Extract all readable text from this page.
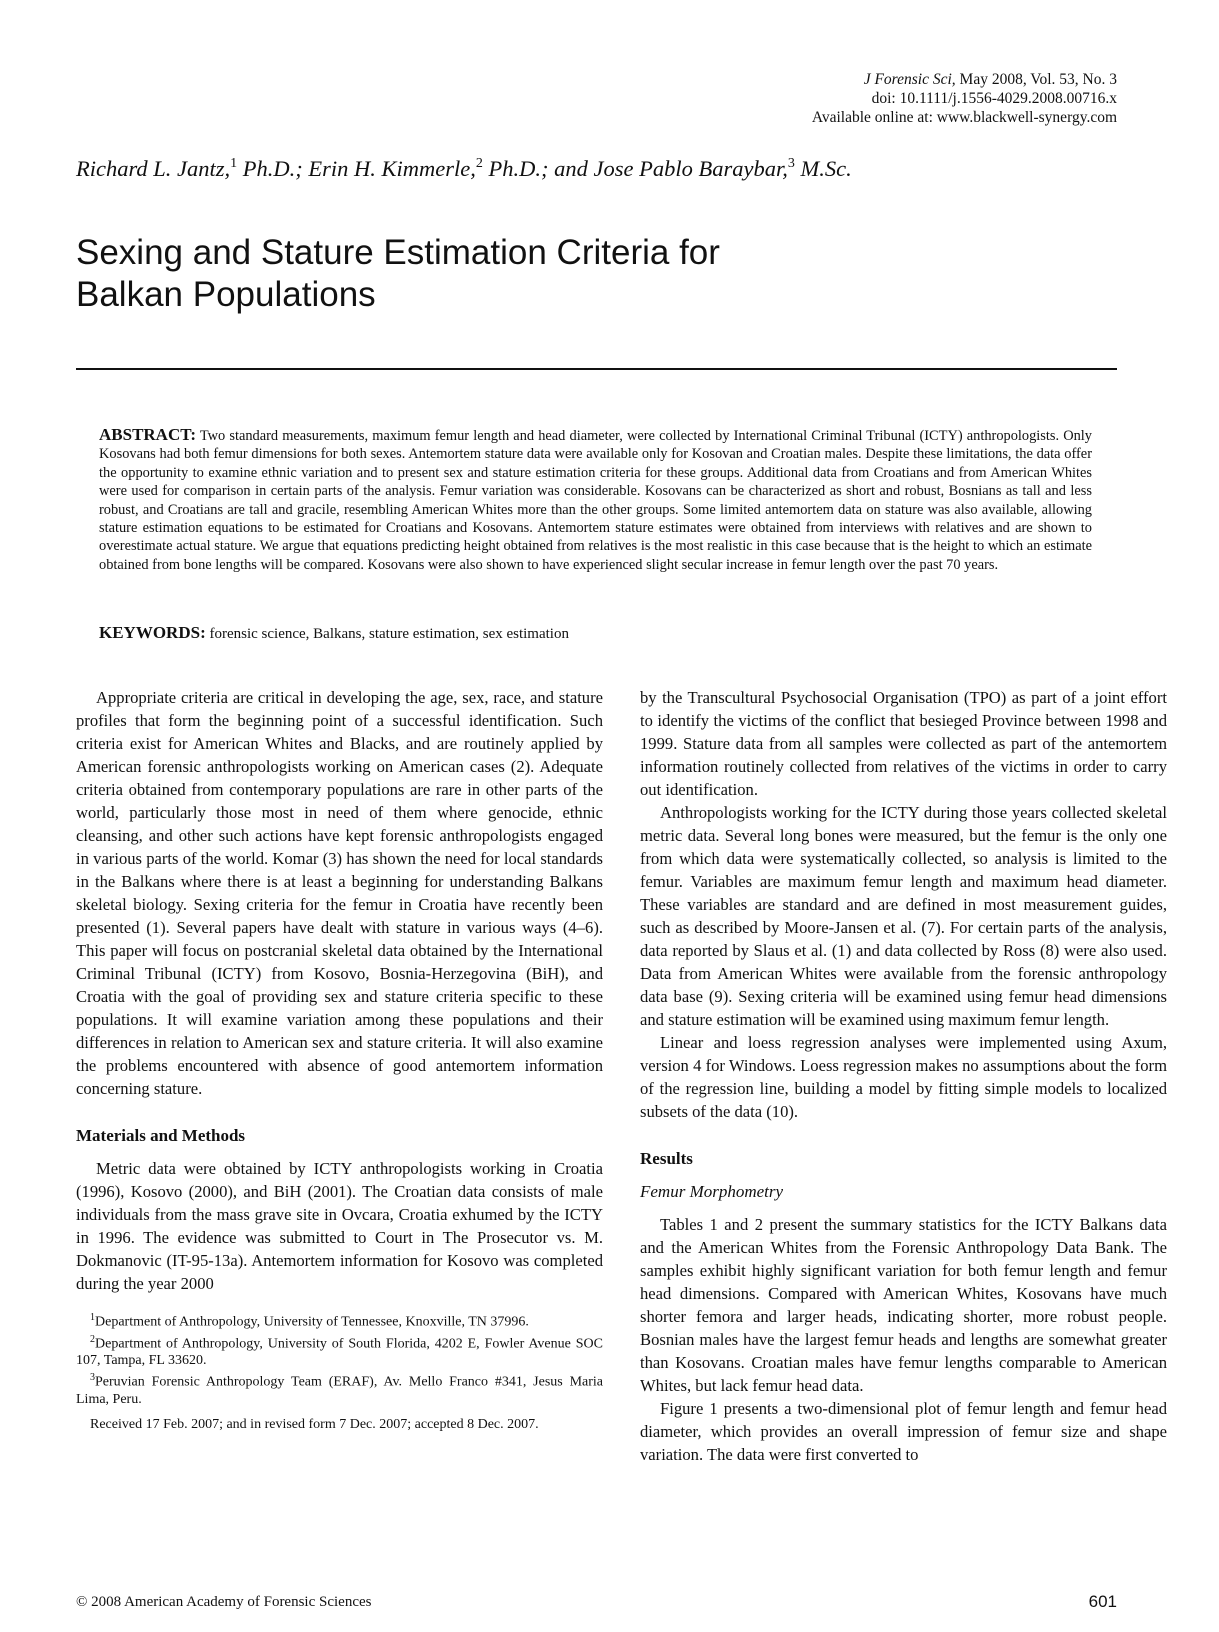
J Forensic Sci, May 2008, Vol. 53, No. 3
doi: 10.1111/j.1556-4029.2008.00716.x
Available online at: www.blackwell-synergy.com
Richard L. Jantz,$^1$ Ph.D.; Erin H. Kimmerle,$^2$ Ph.D.; and Jose Pablo Baraybar,$^3$ M.Sc.
Sexing and Stature Estimation Criteria for
Balkan Populations

ABSTRACT: Two standard measurements, maximum femur length and head diameter, were collected by International Criminal Tribunal (ICTY) anthropologists. Only Kosovans had both femur dimensions for both sexes. Antemortem stature data were available only for Kosovan and Croatian males. Despite these limitations, the data offer the opportunity to examine ethnic variation and to present sex and stature estimation criteria for these groups. Additional data from Croatians and from American Whites were used for comparison in certain parts of the analysis. Femur variation was considerable. Kosovans can be characterized as short and robust, Bosnians as tall and less robust, and Croatians are tall and gracile, resembling American Whites more than the other groups. Some limited antemortem data on stature was also available, allowing stature estimation equations to be estimated for Croatians and Kosovans. Antemortem stature estimates were obtained from interviews with relatives and are shown to overestimate actual stature. We argue that equations predicting height obtained from relatives is the most realistic in this case because that is the height to which an estimate obtained from bone lengths will be compared. Kosovans were also shown to have experienced slight secular increase in femur length over the past 70 years.

KEYWORDS: forensic science, Balkans, stature estimation, sex estimation

Appropriate criteria are critical in developing the age, sex, race, and stature profiles that form the beginning point of a successful identification. Such criteria exist for American Whites and Blacks, and are routinely applied by American forensic anthropologists working on American cases (2). Adequate criteria obtained from contemporary populations are rare in other parts of the world, particularly those most in need of them where genocide, ethnic cleansing, and other such actions have kept forensic anthropologists engaged in various parts of the world. Komar (3) has shown the need for local standards in the Balkans where there is at least a beginning for understanding Balkans skeletal biology. Sexing criteria for the femur in Croatia have recently been presented (1). Several papers have dealt with stature in various ways (4–6). This paper will focus on postcranial skeletal data obtained by the International Criminal Tribunal (ICTY) from Kosovo, Bosnia-Herzegovina (BiH), and Croatia with the goal of providing sex and stature criteria specific to these populations. It will examine variation among these populations and their differences in relation to American sex and stature criteria. It will also examine the problems encountered with absence of good antemortem information concerning stature.

Materials and Methods

Metric data were obtained by ICTY anthropologists working in Croatia (1996), Kosovo (2000), and BiH (2001). The Croatian data consists of male individuals from the mass grave site in Ovcara, Croatia exhumed by the ICTY in 1996. The evidence was submitted to Court in The Prosecutor vs. M. Dokmanovic (IT-95-13a). Antemortem information for Kosovo was completed during the year 2000

$^1$Department of Anthropology, University of Tennessee, Knoxville, TN 37996.

$^2$Department of Anthropology, University of South Florida, 4202 E, Fowler Avenue SOC 107, Tampa, FL 33620.

$^3$Peruvian Forensic Anthropology Team (ERAF), Av. Mello Franco #341, Jesus Maria Lima, Peru.

Received 17 Feb. 2007; and in revised form 7 Dec. 2007; accepted 8 Dec. 2007.

by the Transcultural Psychosocial Organisation (TPO) as part of a joint effort to identify the victims of the conflict that besieged Province between 1998 and 1999. Stature data from all samples were collected as part of the antemortem information routinely collected from relatives of the victims in order to carry out identification.

Anthropologists working for the ICTY during those years collected skeletal metric data. Several long bones were measured, but the femur is the only one from which data were systematically collected, so analysis is limited to the femur. Variables are maximum femur length and maximum head diameter. These variables are standard and are defined in most measurement guides, such as described by Moore-Jansen et al. (7). For certain parts of the analysis, data reported by Slaus et al. (1) and data collected by Ross (8) were also used. Data from American Whites were available from the forensic anthropology data base (9). Sexing criteria will be examined using femur head dimensions and stature estimation will be examined using maximum femur length.

Linear and loess regression analyses were implemented using Axum, version 4 for Windows. Loess regression makes no assumptions about the form of the regression line, building a model by fitting simple models to localized subsets of the data (10).

Results

Femur Morphometry

Tables 1 and 2 present the summary statistics for the ICTY Balkans data and the American Whites from the Forensic Anthropology Data Bank. The samples exhibit highly significant variation for both femur length and femur head dimensions. Compared with American Whites, Kosovans have much shorter femora and larger heads, indicating shorter, more robust people. Bosnian males have the largest femur heads and lengths are somewhat greater than Kosovans. Croatian males have femur lengths comparable to American Whites, but lack femur head data.

Figure 1 presents a two-dimensional plot of femur length and femur head diameter, which provides an overall impression of femur size and shape variation. The data were first converted to

© 2008 American Academy of Forensic Sciences	601
